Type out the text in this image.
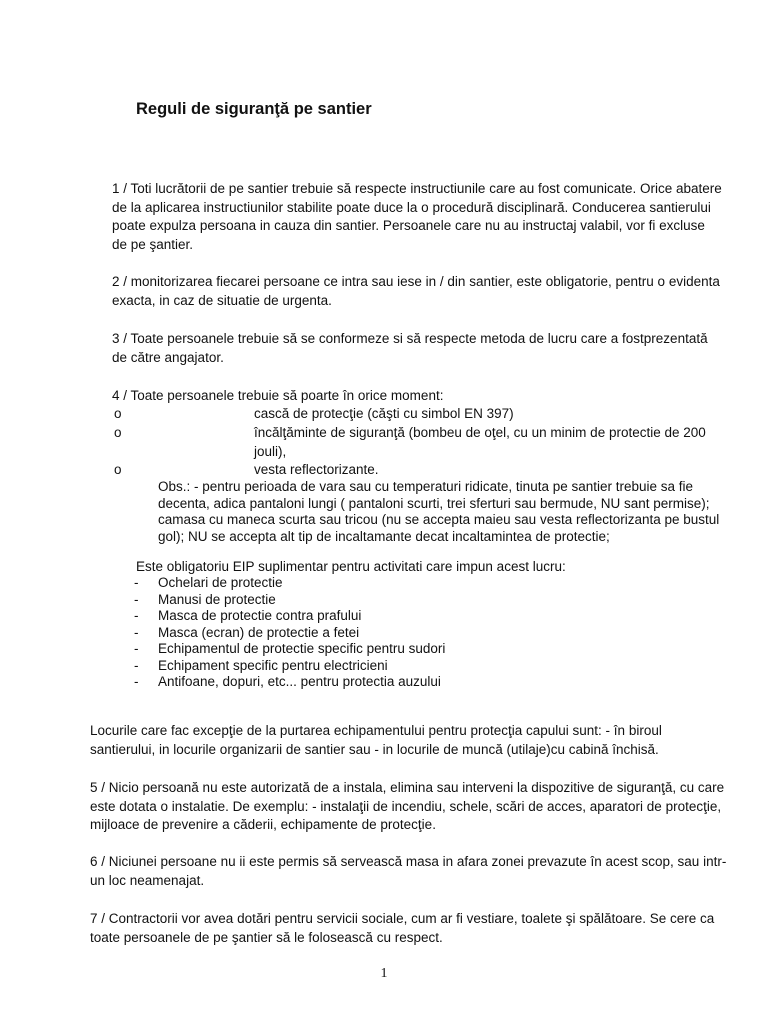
Reguli de siguranţă pe santier

1 / Toti lucrătorii de pe santier trebuie să respecte instructiunile care au fost comunicate. Orice abatere de la aplicarea instructiunilor stabilite poate duce la o procedură disciplinară. Conducerea santierului poate expulza persoana in cauza din santier. Persoanele care nu au instructaj valabil, vor fi excluse de pe şantier.

2 / monitorizarea fiecarei persoane ce intra sau iese in / din santier, este obligatorie, pentru o evidenta exacta, in caz de situatie de urgenta.

3 / Toate persoanele trebuie să se conformeze si să respecte metoda de lucru care a fostprezentată de către angajator.

4 / Toate persoanele trebuie să poarte în orice moment:

o	cască de protecţie (căşti cu simbol EN 397)
o	încălţăminte de siguranţă (bombeu de oţel, cu un minim de protectie de 200 jouli),
o	vesta reflectorizante.

Obs.: - pentru perioada de vara sau cu temperaturi ridicate, tinuta pe santier trebuie sa fie decenta, adica pantaloni lungi ( pantaloni scurti, trei sferturi sau bermude, NU sant permise); camasa cu maneca scurta sau tricou (nu se accepta maieu sau vesta reflectorizanta pe bustul gol); NU se accepta alt tip de incaltamante decat incaltamintea de protectie;

Este obligatoriu EIP suplimentar pentru activitati care impun acest lucru:

- Ochelari de protectie
- Manusi de protectie
- Masca de protectie contra prafului
- Masca (ecran) de protectie a fetei
- Echipamentul de protectie specific pentru sudori
- Echipament specific pentru electricieni
- Antifoane, dopuri, etc... pentru protectia auzului

Locurile care fac excepţie de la purtarea echipamentului pentru protecţia capului sunt: - în biroul santierului, in locurile organizarii de santier sau - in locurile de muncă (utilaje)cu cabină închisă.

5 / Nicio persoană nu este autorizată de a instala, elimina sau interveni la dispozitive de siguranţă, cu care este dotata o instalatie. De exemplu: - instalaţii de incendiu, schele, scări de acces, aparatori de protecţie, mijloace de prevenire a căderii, echipamente de protecţie.

6 / Niciunei persoane nu ii este permis să servească masa in afara zonei prevazute în acest scop, sau intr-un loc neamenajat.

7 / Contractorii vor avea dotări pentru servicii sociale, cum ar fi vestiare, toalete şi spălătoare. Se cere ca toate persoanele de pe şantier să le folosească cu respect.

1
